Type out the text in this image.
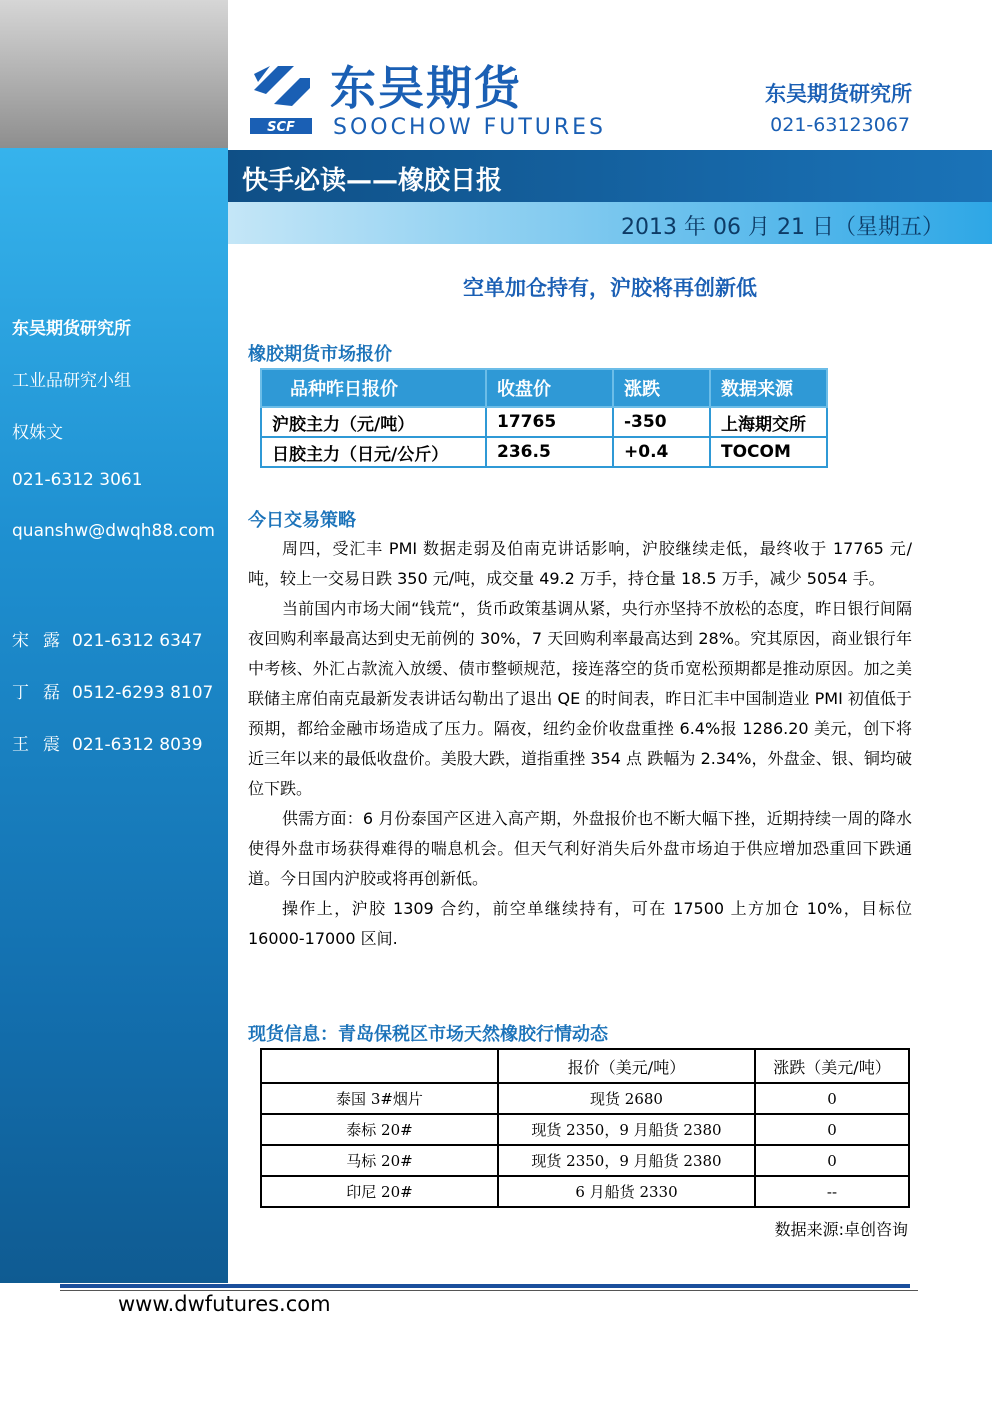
东吴期货研究所
工业品研究小组
权姝文
021-6312 3061
quanshw@dwqh88.com
宋露021-6312 6347
丁磊0512-6293 8107
王震021-6312 8039
SCF
东吴期货
SOOCHOW FUTURES
东吴期货研究所
021-63123067
快手必读——橡胶日报
2013 年 06 月 21 日（星期五）
空单加仓持有，沪胶将再创新低
橡胶期货市场报价
品种昨日报价	收盘价	涨跌	数据来源
沪胶主力（元/吨）	17765	-350	上海期交所
日胶主力（日元/公斤）	236.5	+0.4	TOCOM
今日交易策略

周四，受汇丰 PMI 数据走弱及伯南克讲话影响，沪胶继续走低，最终收于 17765 元/吨，较上一交易日跌 350 元/吨，成交量 49.2 万手，持仓量 18.5 万手，减少 5054 手。

当前国内市场大闹“钱荒“，货币政策基调从紧，央行亦坚持不放松的态度，昨日银行间隔夜回购利率最高达到史无前例的 30%，7 天回购利率最高达到 28%。究其原因，商业银行年中考核、外汇占款流入放缓、债市整顿规范，接连落空的货币宽松预期都是推动原因。加之美联储主席伯南克最新发表讲话勾勒出了退出 QE 的时间表，昨日汇丰中国制造业 PMI 初值低于预期，都给金融市场造成了压力。隔夜，纽约金价收盘重挫 6.4%报 1286.20 美元，创下将近三年以来的最低收盘价。美股大跌，道指重挫 354 点 跌幅为 2.34%，外盘金、银、铜均破位下跌。

供需方面：6 月份泰国产区进入高产期，外盘报价也不断大幅下挫，近期持续一周的降水使得外盘市场获得难得的喘息机会。但天气利好消失后外盘市场迫于供应增加恐重回下跌通道。今日国内沪胶或将再创新低。

操作上，沪胶 1309 合约，前空单继续持有，可在 17500 上方加仓 10%，目标位 16000-17000 区间.

现货信息：青岛保税区市场天然橡胶行情动态
	报价（美元/吨）	涨跌（美元/吨）
泰国 3#烟片	现货 2680	0
泰标 20#	现货 2350，9 月船货 2380	0
马标 20#	现货 2350，9 月船货 2380	0
印尼 20#	6 月船货 2330	--
数据来源:卓创咨询
www.dwfutures.com
